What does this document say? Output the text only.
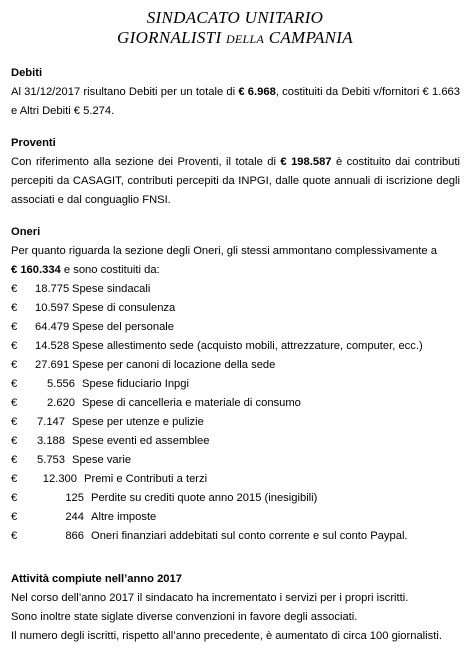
SINDACATO UNITARIO
GIORNALISTI della CAMPANIA
Debiti

Al 31/12/2017 risultano Debiti per un totale di € 6.968, costituiti da Debiti v/fornitori € 1.663 e Altri Debiti € 5.274.

Proventi

Con riferimento alla sezione dei Proventi, il totale di € 198.587 è costituito dai contributi percepiti da CASAGIT, contributi percepiti da INPGI, dalle quote annuali di iscrizione degli associati e dal conguaglio FNSI.

Oneri

Per quanto riguarda la sezione degli Oneri, gli stessi ammontano complessivamente a

€ 160.334 e sono costituiti da:

€	18.775 Spese sindacali
€	10.597 Spese di consulenza
€	64.479 Spese del personale
€	14.528 Spese allestimento sede (acquisto mobili, attrezzature, computer, ecc.)
€	27.691 Spese per canoni di locazione della sede
€	5.556 Spese fiduciario Inpgi
€	2.620 Spese di cancelleria e materiale di consumo
€	7.147 Spese per utenze e pulizie
€	3.188 Spese eventi ed assemblee
€	5.753 Spese varie
€	12.300 Premi e Contributi a terzi
€	125 Perdite su crediti quote anno 2015 (inesigibili)
€	244 Altre imposte
€	866 Oneri finanziari addebitati sul conto corrente e sul conto Paypal.
Attività compiute nell’anno 2017

Nel corso dell’anno 2017 il sindacato ha incrementato i servizi per i propri iscritti.

Sono inoltre state siglate diverse convenzioni in favore degli associati.

Il numero degli iscritti, rispetto all’anno precedente, è aumentato di circa 100 giornalisti.
